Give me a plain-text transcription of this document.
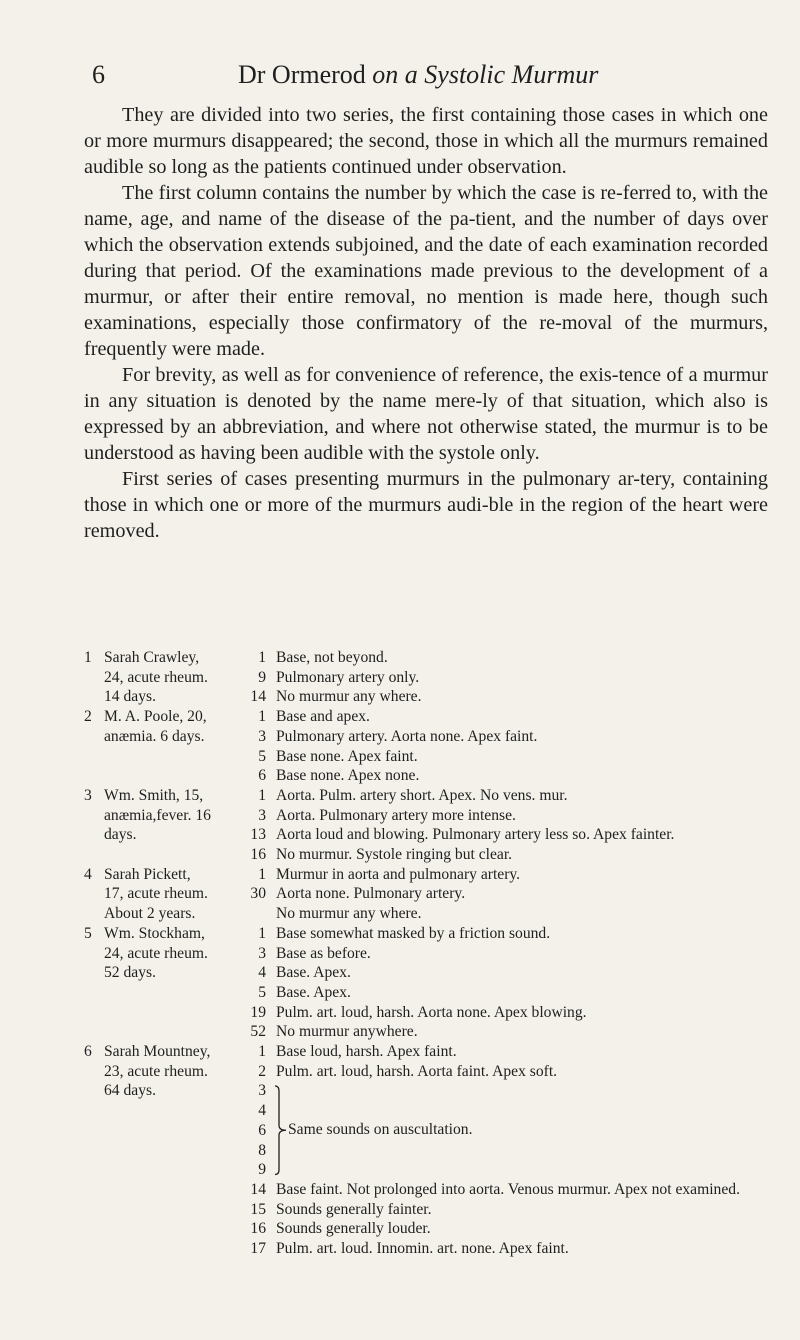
6	Dr Ormerod on a Systolic Murmur

They are divided into two series, the first containing those cases in which one or more murmurs disappeared; the second, those in which all the murmurs remained audible so long as the patients continued under observation.

The first column contains the number by which the case is re-ferred to, with the name, age, and name of the disease of the pa-tient, and the number of days over which the observation extends subjoined, and the date of each examination recorded during that period. Of the examinations made previous to the development of a murmur, or after their entire removal, no mention is made here, though such examinations, especially those confirmatory of the re-moval of the murmurs, frequently were made.

For brevity, as well as for convenience of reference, the exis-tence of a murmur in any situation is denoted by the name mere-ly of that situation, which also is expressed by an abbreviation, and where not otherwise stated, the murmur is to be understood as having been audible with the systole only.

First series of cases presenting murmurs in the pulmonary ar-tery, containing those in which one or more of the murmurs audi-ble in the region of the heart were removed.

1 Sarah Crawley,
24, acute rheum.
14 days.
1 Base, not beyond.
9 Pulmonary artery only.
14 No murmur any where.
2 M. A. Poole, 20,
anæmia. 6 days.
1 Base and apex.
3 Pulmonary artery. Aorta none. Apex faint.
5 Base none. Apex faint.
6 Base none. Apex none.
3 Wm. Smith, 15,
anæmia,fever. 16
days.
1 Aorta. Pulm. artery short. Apex. No vens. mur.
3 Aorta. Pulmonary artery more intense.
13 Aorta loud and blowing. Pulmonary artery less so. Apex fainter.
16 No murmur. Systole ringing but clear.
4 Sarah Pickett,
17, acute rheum.
About 2 years.
1 Murmur in aorta and pulmonary artery.
30 Aorta none. Pulmonary artery.
No murmur any where.
5 Wm. Stockham,
24, acute rheum.
52 days.
1 Base somewhat masked by a friction sound.
3 Base as before.
4 Base. Apex.
5 Base. Apex.
19 Pulm. art. loud, harsh. Aorta none. Apex blowing.
52 No murmur anywhere.
6 Sarah Mountney,
23, acute rheum.
64 days.
1 Base loud, harsh. Apex faint.
2 Pulm. art. loud, harsh. Aorta faint. Apex soft.
3
4
6
8
9
Same sounds on auscultation.
14 Base faint. Not prolonged into aorta. Venous murmur. Apex not examined.
15 Sounds generally fainter.
16 Sounds generally louder.
17 Pulm. art. loud. Innomin. art. none. Apex faint.
